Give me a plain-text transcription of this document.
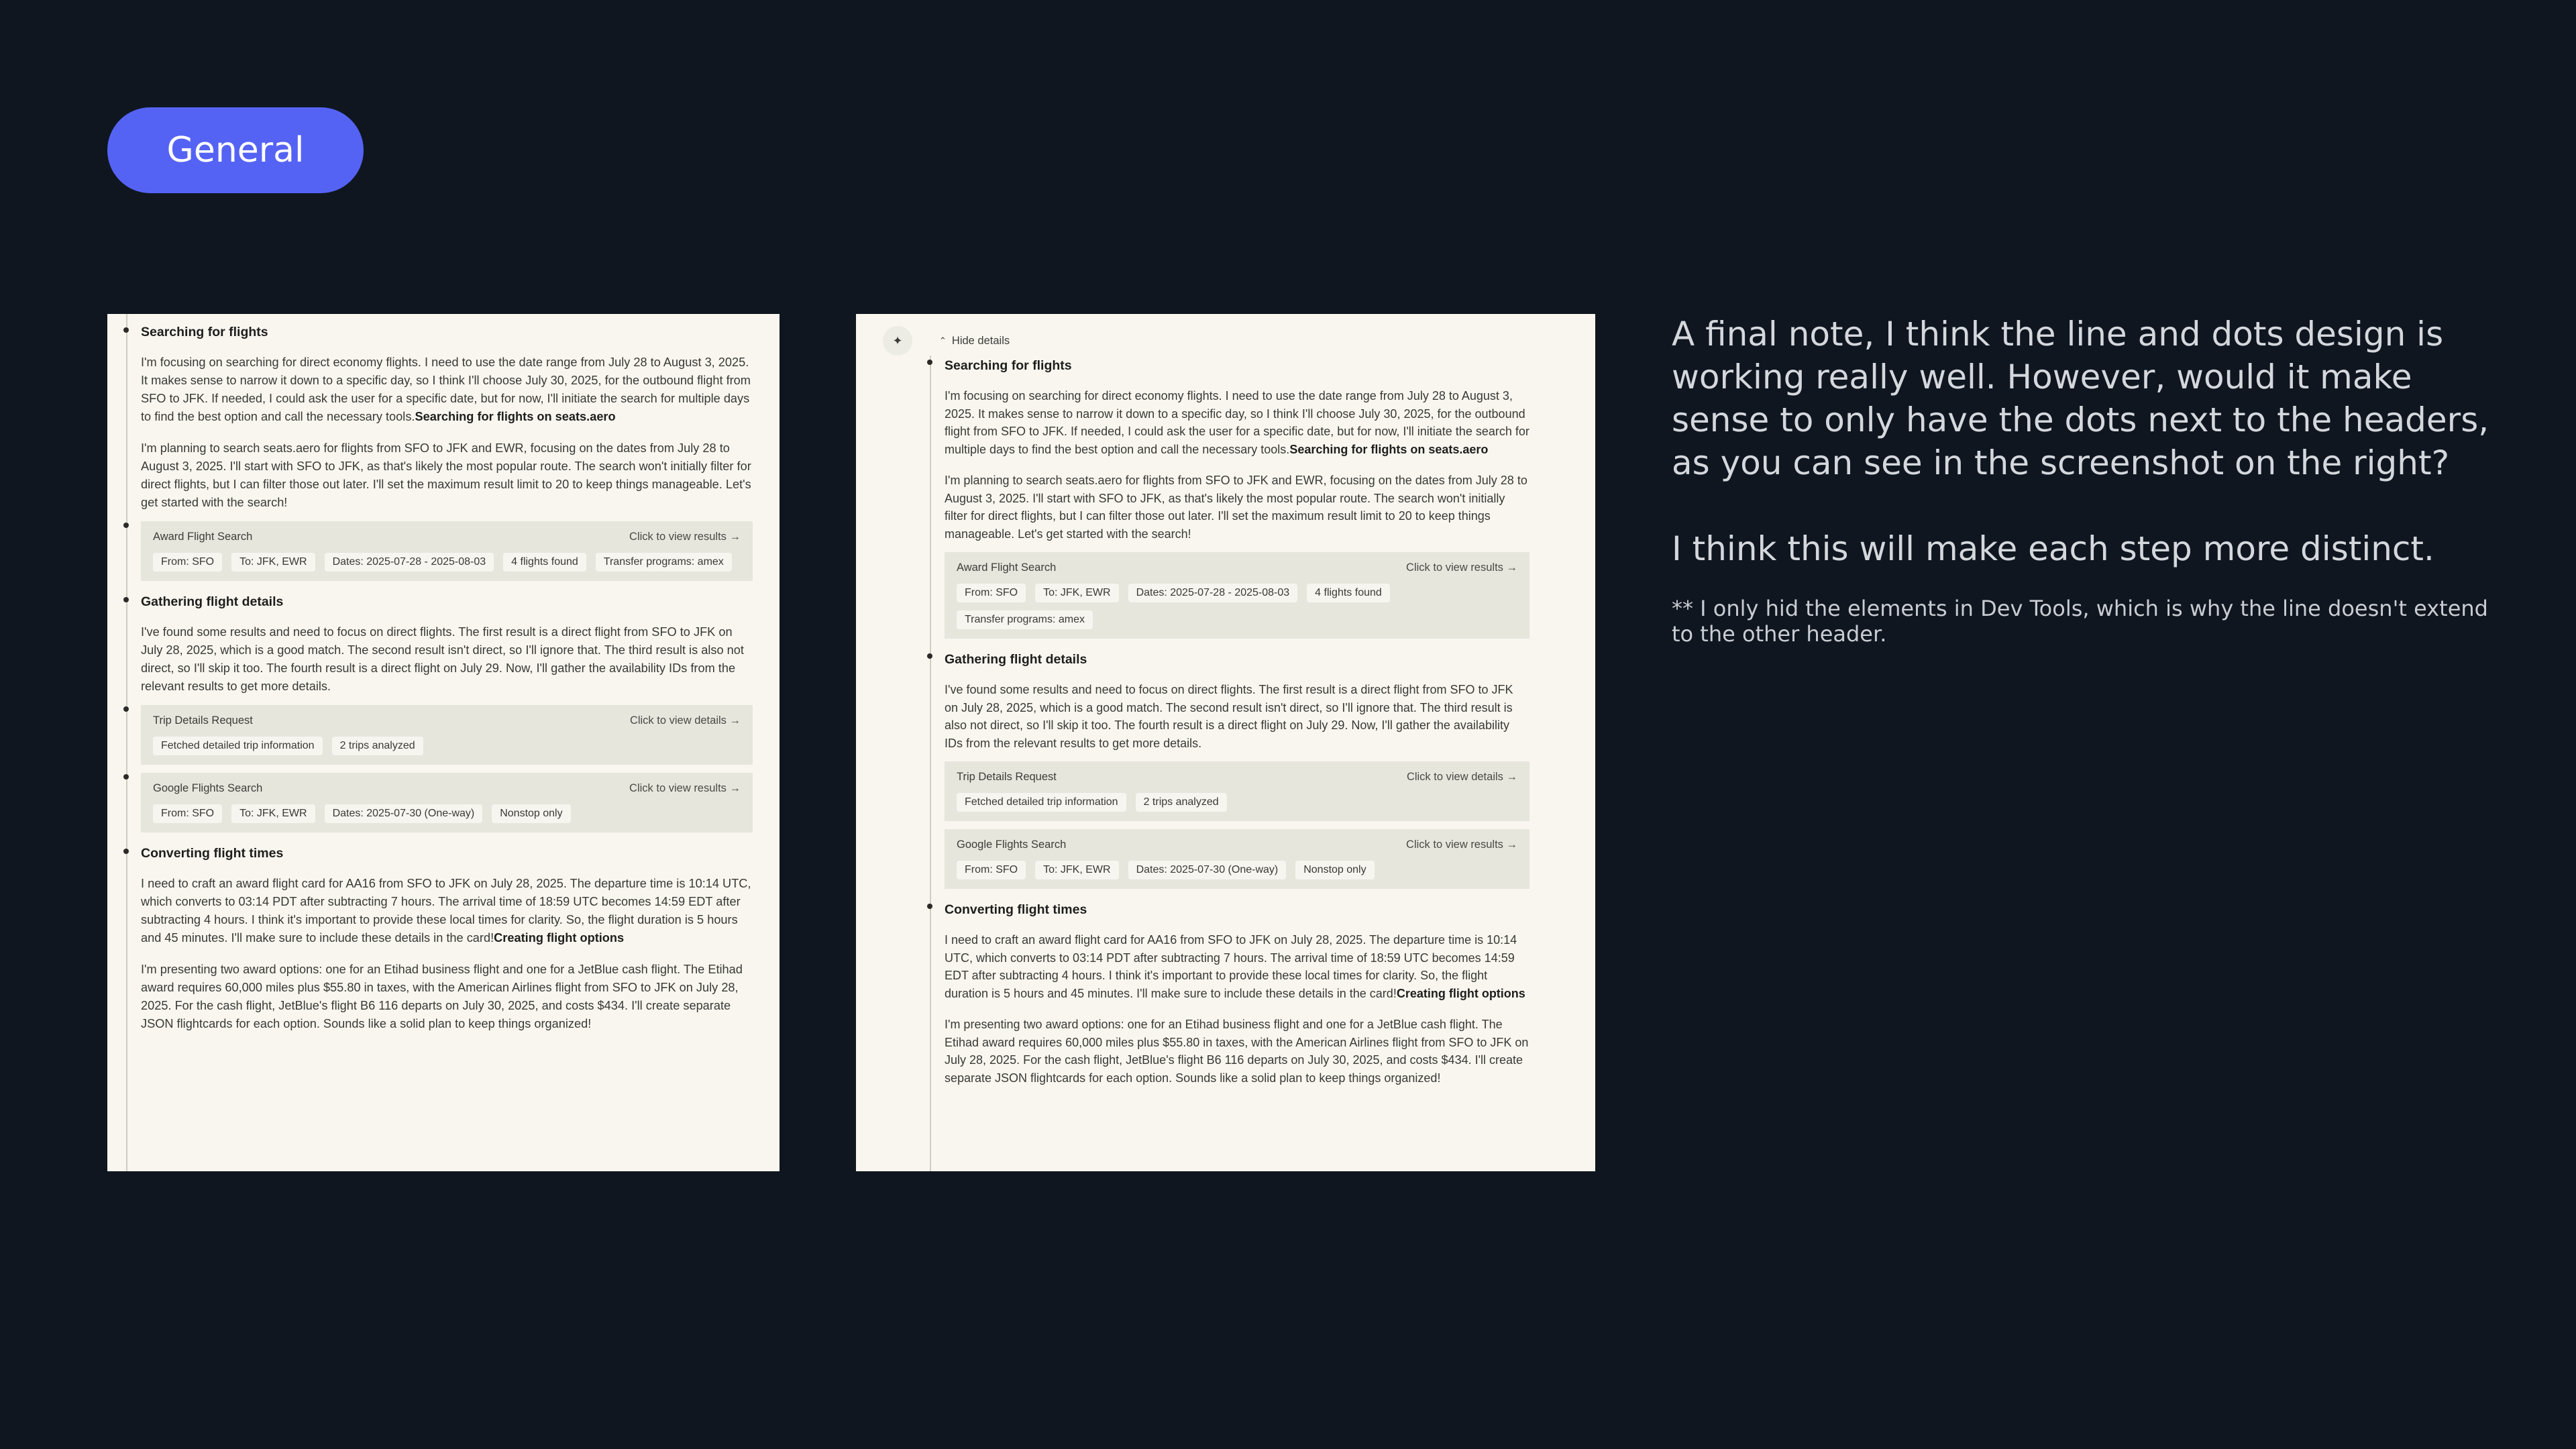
General
Searching for flights

I'm focusing on searching for direct economy flights. I need to use the date range from July 28 to August 3, 2025. It makes sense to narrow it down to a specific day, so I think I'll choose July 30, 2025, for the outbound flight from SFO to JFK. If needed, I could ask the user for a specific date, but for now, I'll initiate the search for multiple days to find the best option and call the necessary tools.Searching for flights on seats.aero

I'm planning to search seats.aero for flights from SFO to JFK and EWR, focusing on the dates from July 28 to August 3, 2025. I'll start with SFO to JFK, as that's likely the most popular route. The search won't initially filter for direct flights, but I can filter those out later. I'll set the maximum result limit to 20 to keep things manageable. Let's get started with the search!

Award Flight Search	Click to view results →
From: SFO	To: JFK, EWR	Dates: 2025-07-28 - 2025-08-03	4 flights found	Transfer programs: amex
Gathering flight details

I've found some results and need to focus on direct flights. The first result is a direct flight from SFO to JFK on July 28, 2025, which is a good match. The second result isn't direct, so I'll ignore that. The third result is also not direct, so I'll skip it too. The fourth result is a direct flight on July 29. Now, I'll gather the availability IDs from the relevant results to get more details.

Trip Details Request	Click to view details →
Fetched detailed trip information	2 trips analyzed
Google Flights Search	Click to view results →
From: SFO	To: JFK, EWR	Dates: 2025-07-30 (One-way)	Nonstop only
Converting flight times

I need to craft an award flight card for AA16 from SFO to JFK on July 28, 2025. The departure time is 10:14 UTC, which converts to 03:14 PDT after subtracting 7 hours. The arrival time of 18:59 UTC becomes 14:59 EDT after subtracting 4 hours. I think it's important to provide these local times for clarity. So, the flight duration is 5 hours and 45 minutes. I'll make sure to include these details in the card!Creating flight options

I'm presenting two award options: one for an Etihad business flight and one for a JetBlue cash flight. The Etihad award requires 60,000 miles plus $55.80 in taxes, with the American Airlines flight from SFO to JFK on July 28, 2025. For the cash flight, JetBlue's flight B6 116 departs on July 30, 2025, and costs $434. I'll create separate JSON flightcards for each option. Sounds like a solid plan to keep things organized!

✦	⌃ Hide details
Searching for flights

I'm focusing on searching for direct economy flights. I need to use the date range from July 28 to August 3, 2025. It makes sense to narrow it down to a specific day, so I think I'll choose July 30, 2025, for the outbound flight from SFO to JFK. If needed, I could ask the user for a specific date, but for now, I'll initiate the search for multiple days to find the best option and call the necessary tools.Searching for flights on seats.aero

I'm planning to search seats.aero for flights from SFO to JFK and EWR, focusing on the dates from July 28 to August 3, 2025. I'll start with SFO to JFK, as that's likely the most popular route. The search won't initially filter for direct flights, but I can filter those out later. I'll set the maximum result limit to 20 to keep things manageable. Let's get started with the search!

Award Flight Search	Click to view results →
From: SFO	To: JFK, EWR	Dates: 2025-07-28 - 2025-08-03	4 flights found
Transfer programs: amex
Gathering flight details

I've found some results and need to focus on direct flights. The first result is a direct flight from SFO to JFK on July 28, 2025, which is a good match. The second result isn't direct, so I'll ignore that. The third result is also not direct, so I'll skip it too. The fourth result is a direct flight on July 29. Now, I'll gather the availability IDs from the relevant results to get more details.

Trip Details Request	Click to view details →
Fetched detailed trip information	2 trips analyzed
Google Flights Search	Click to view results →
From: SFO	To: JFK, EWR	Dates: 2025-07-30 (One-way)	Nonstop only
Converting flight times

I need to craft an award flight card for AA16 from SFO to JFK on July 28, 2025. The departure time is 10:14 UTC, which converts to 03:14 PDT after subtracting 7 hours. The arrival time of 18:59 UTC becomes 14:59 EDT after subtracting 4 hours. I think it's important to provide these local times for clarity. So, the flight duration is 5 hours and 45 minutes. I'll make sure to include these details in the card!Creating flight options

I'm presenting two award options: one for an Etihad business flight and one for a JetBlue cash flight. The Etihad award requires 60,000 miles plus $55.80 in taxes, with the American Airlines flight from SFO to JFK on July 28, 2025. For the cash flight, JetBlue's flight B6 116 departs on July 30, 2025, and costs $434. I'll create separate JSON flightcards for each option. Sounds like a solid plan to keep things organized!

A final note, I think the line and dots design is working really well. However, would it make sense to only have the dots next to the headers, as you can see in the screenshot on the right?

I think this will make each step more distinct.

** I only hid the elements in Dev Tools, which is why the line doesn't extend to the other header.
